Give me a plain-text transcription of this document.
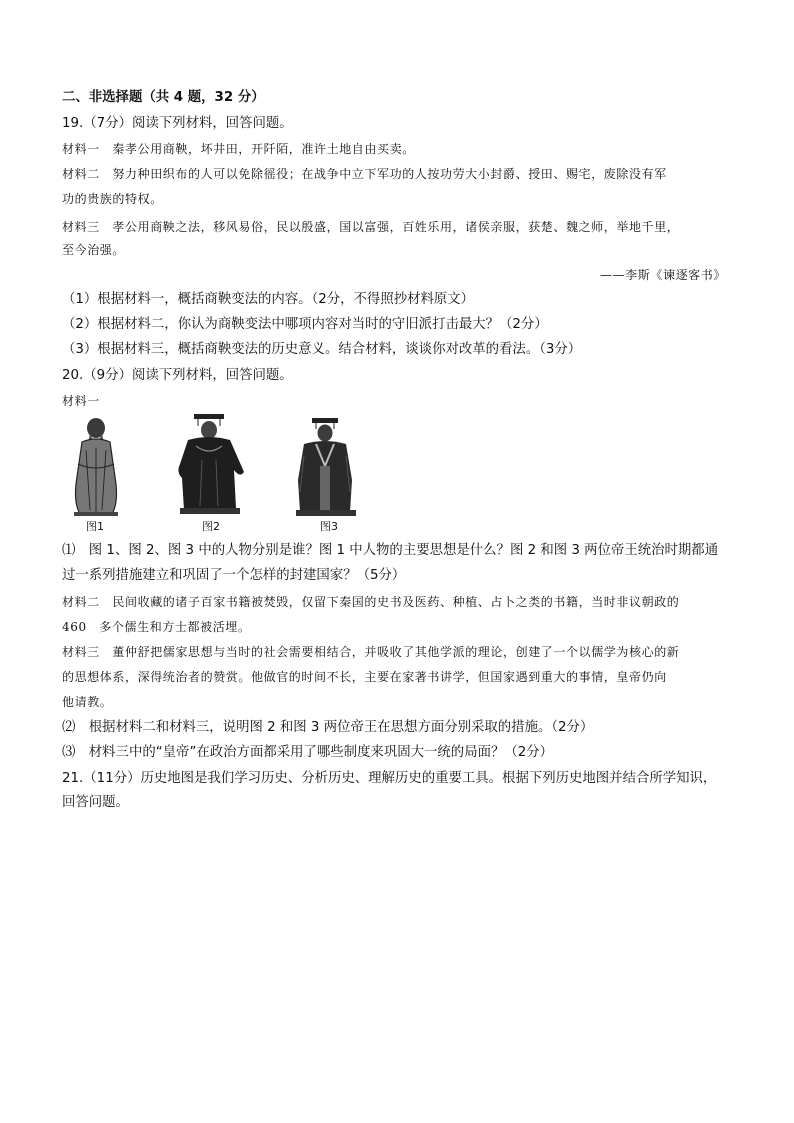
二、非选择题（共 4 题，32 分）
19.（7分）阅读下列材料，回答问题。
材料一　秦孝公用商鞅，坏井田，开阡陌，准许土地自由买卖。
材料二　努力种田织布的人可以免除徭役；在战争中立下军功的人按功劳大小封爵、授田、赐宅，废除没有军
功的贵族的特权。
材料三　孝公用商鞅之法，移风易俗，民以殷盛，国以富强，百姓乐用，诸侯亲服，获楚、魏之师，举地千里，
至今治强。
——李斯《谏逐客书》
（1）根据材料一，概括商鞅变法的内容。（2分，不得照抄材料原文）
（2）根据材料二，你认为商鞅变法中哪项内容对当时的守旧派打击最大？（2分）
（3）根据材料三，概括商鞅变法的历史意义。结合材料，谈谈你对改革的看法。（3分）
20.（9分）阅读下列材料，回答问题。
材料一
图1	图2	图3
⑴　图 1、图 2、图 3 中的人物分别是谁？图 1 中人物的主要思想是什么？图 2 和图 3 两位帝王统治时期都通
过一系列措施建立和巩固了一个怎样的封建国家？（5分）
材料二　民间收藏的诸子百家书籍被焚毁，仅留下秦国的史书及医药、种植、占卜之类的书籍，当时非议朝政的
460　多个儒生和方士都被活埋。
材料三　董仲舒把儒家思想与当时的社会需要相结合，并吸收了其他学派的理论，创建了一个以儒学为核心的新
的思想体系，深得统治者的赞赏。他做官的时间不长，主要在家著书讲学，但国家遇到重大的事情，皇帝仍向
他请教。
⑵　根据材料二和材料三，说明图 2 和图 3 两位帝王在思想方面分别采取的措施。（2分）
⑶　材料三中的“皇帝”在政治方面都采用了哪些制度来巩固大一统的局面？（2分）
21.（11分）历史地图是我们学习历史、分析历史、理解历史的重要工具。根据下列历史地图并结合所学知识，
回答问题。
